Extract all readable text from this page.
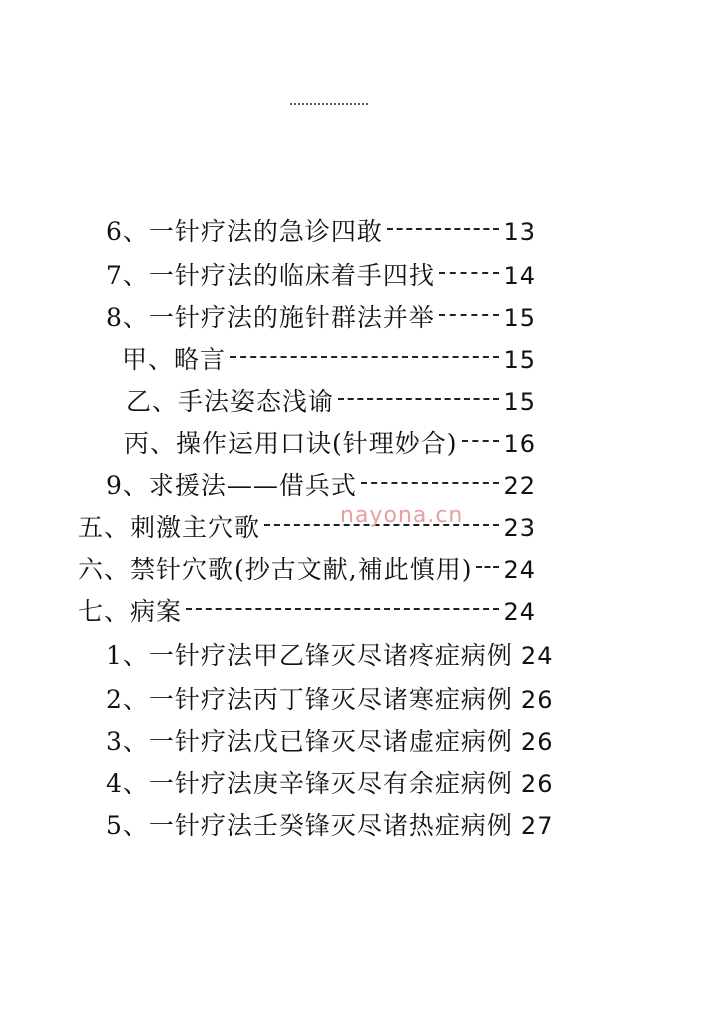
6、一针疗法的急诊四敢	13
7、一针疗法的临床着手四找	14
8、一针疗法的施针群法并举	15
甲、略言	15
乙、手法姿态浅谕	15
丙、操作运用口诀(针理妙合) 16
9、求援法——借兵式	22
五、刺激主穴歌	23
六、禁针穴歌(抄古文献,補此慎用) 24
七、病案	24
1、一针疗法甲乙锋灭尽诸疼症病例 24
2、一针疗法丙丁锋灭尽诸寒症病例 26
3、一针疗法戊已锋灭尽诸虚症病例 26
4、一针疗法庚辛锋灭尽有余症病例 26
5、一针疗法壬癸锋灭尽诸热症病例 27
nayona.cn
